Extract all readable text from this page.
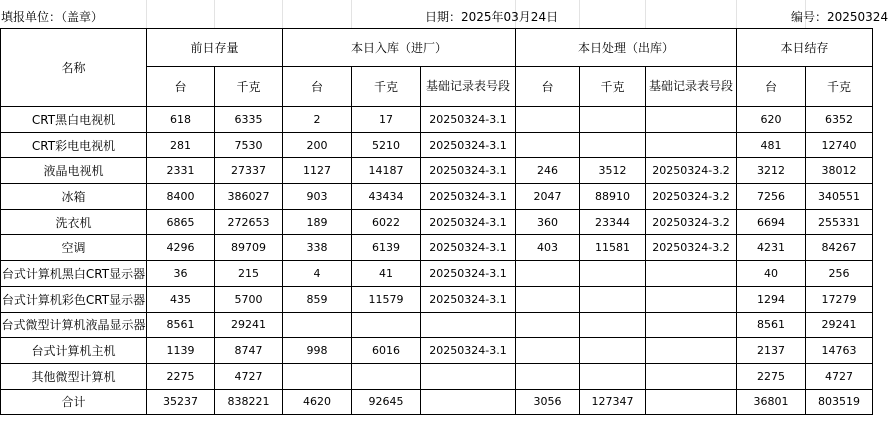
填报单位：（盖章）	日期：2025年03月24日	编号：20250324
名称	前日存量		本日入库（进厂）			本日处理（出库）			本日结存	
	台	千克	台	千克	基础记录表号段	台	千克	基础记录表号段	台	千克
CRT黑白电视机	618	6335	2	17	20250324-3.1				620	6352
CRT彩电电视机	281	7530	200	5210	20250324-3.1				481	12740
液晶电视机	2331	27337	1127	14187	20250324-3.1	246	3512	20250324-3.2	3212	38012
冰箱	8400	386027	903	43434	20250324-3.1	2047	88910	20250324-3.2	7256	340551
洗衣机	6865	272653	189	6022	20250324-3.1	360	23344	20250324-3.2	6694	255331
空调	4296	89709	338	6139	20250324-3.1	403	11581	20250324-3.2	4231	84267
台式计算机黑白CRT显示器	36	215	4	41	20250324-3.1				40	256
台式计算机彩色CRT显示器	435	5700	859	11579	20250324-3.1				1294	17279
台式微型计算机液晶显示器	8561	29241							8561	29241
台式计算机主机	1139	8747	998	6016	20250324-3.1				2137	14763
其他微型计算机	2275	4727							2275	4727
合计	35237	838221	4620	92645		3056	127347		36801	803519
